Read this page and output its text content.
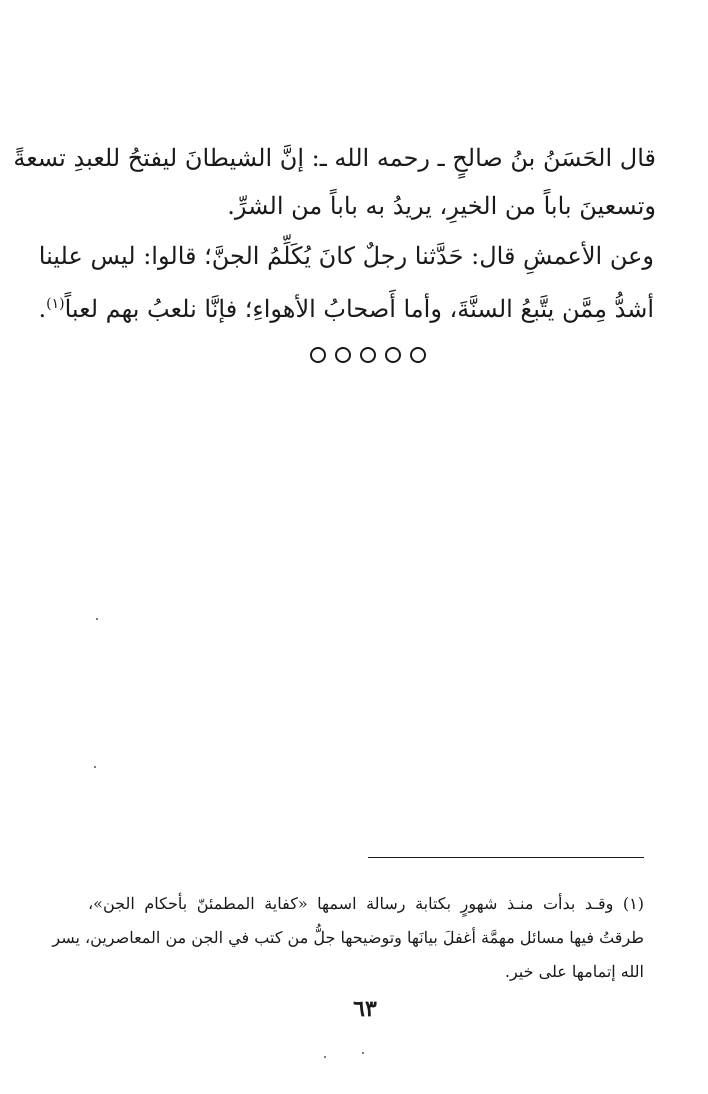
قال الحَسَنُ بنُ صالحٍ ـ رحمه الله ـ: إنَّ الشيطانَ ليفتحُ للعبدِ تسعةً

وتسعينَ باباً من الخيرِ، يريدُ به باباً من الشرِّ.

وعن الأعمشِ قال: حَدَّثنا رجلٌ كانَ يُكَلِّمُ الجنَّ؛ قالوا: ليس علينا

أشدُّ مِمَّن يتَّبعُ السنَّةَ، وأما أَصحابُ الأهواءِ؛ فإنَّا نلعبُ بهم لعباً$^{(١)}$.

(١) وقـد بدأت منـذ شهورٍ بكتابة رسالة اسمها «كفاية المطمئنّ بأحكام الجن»،

طرقتُ فيها مسائل مهمَّة أغفلَ بيانَها وتوضيحها جلُّ من كتب في الجن من المعاصرين، يسر

الله إتمامها على خير.

٦٣
